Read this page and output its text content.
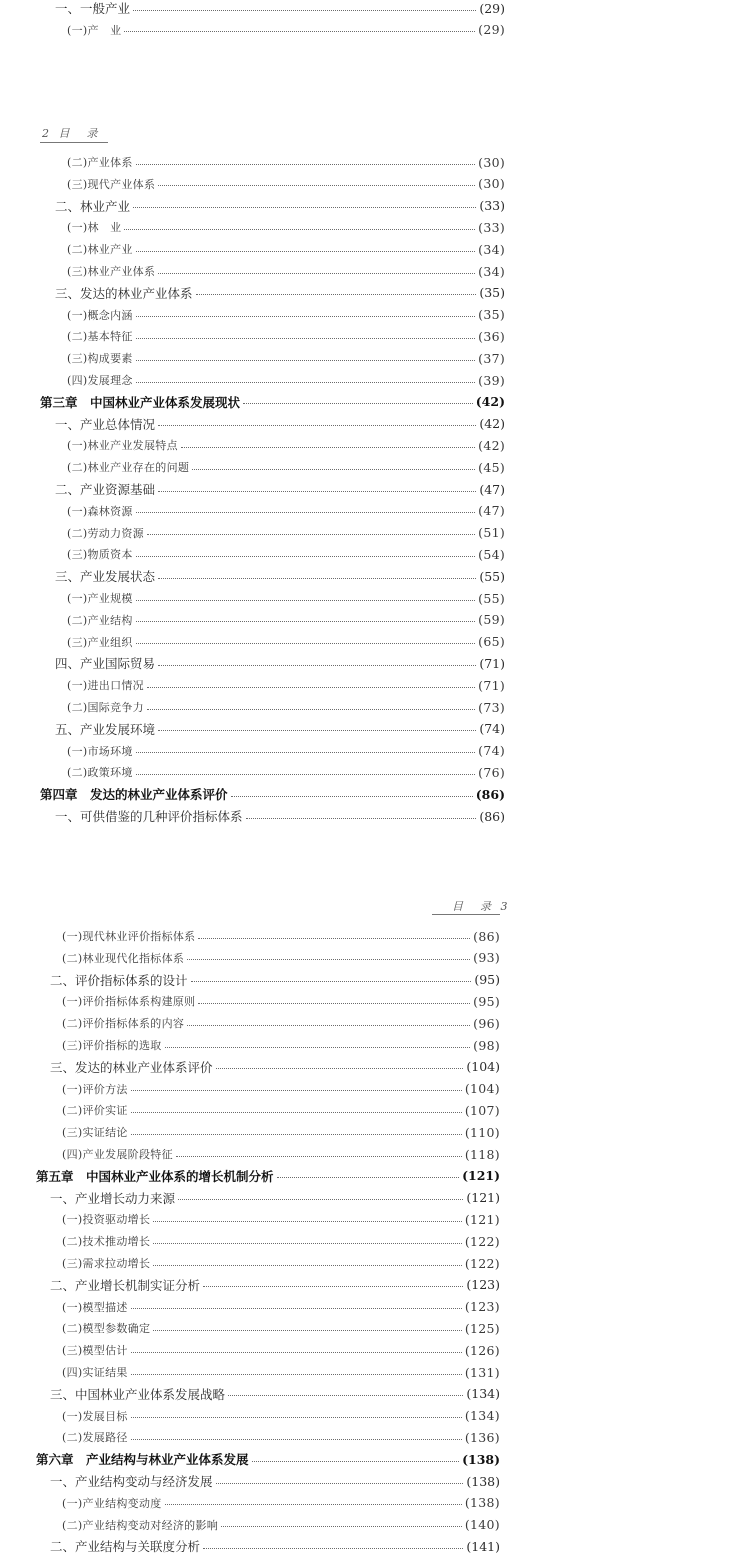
一、一般产业	(29)
(一)产　业	(29)
2 目　录
(二)产业体系	(30)
(三)现代产业体系	(30)
二、林业产业	(33)
(一)林　业	(33)
(二)林业产业	(34)
(三)林业产业体系	(34)
三、发达的林业产业体系	(35)
(一)概念内涵	(35)
(二)基本特征	(36)
(三)构成要素	(37)
(四)发展理念	(39)
第三章　中国林业产业体系发展现状	(42)
一、产业总体情况	(42)
(一)林业产业发展特点	(42)
(二)林业产业存在的问题	(45)
二、产业资源基础	(47)
(一)森林资源	(47)
(二)劳动力资源	(51)
(三)物质资本	(54)
三、产业发展状态	(55)
(一)产业规模	(55)
(二)产业结构	(59)
(三)产业组织	(65)
四、产业国际贸易	(71)
(一)进出口情况	(71)
(二)国际竞争力	(73)
五、产业发展环境	(74)
(一)市场环境	(74)
(二)政策环境	(76)
第四章　发达的林业产业体系评价	(86)
一、可供借鉴的几种评价指标体系	(86)
目　录 3
(一)现代林业评价指标体系	(86)
(二)林业现代化指标体系	(93)
二、评价指标体系的设计	(95)
(一)评价指标体系构建原则	(95)
(二)评价指标体系的内容	(96)
(三)评价指标的选取	(98)
三、发达的林业产业体系评价	(104)
(一)评价方法	(104)
(二)评价实证	(107)
(三)实证结论	(110)
(四)产业发展阶段特征	(118)
第五章　中国林业产业体系的增长机制分析	(121)
一、产业增长动力来源	(121)
(一)投资驱动增长	(121)
(二)技术推动增长	(122)
(三)需求拉动增长	(122)
二、产业增长机制实证分析	(123)
(一)模型描述	(123)
(二)模型参数确定	(125)
(三)模型估计	(126)
(四)实证结果	(131)
三、中国林业产业体系发展战略	(134)
(一)发展目标	(134)
(二)发展路径	(136)
第六章　产业结构与林业产业体系发展	(138)
一、产业结构变动与经济发展	(138)
(一)产业结构变动度	(138)
(二)产业结构变动对经济的影响	(140)
二、产业结构与关联度分析	(141)
